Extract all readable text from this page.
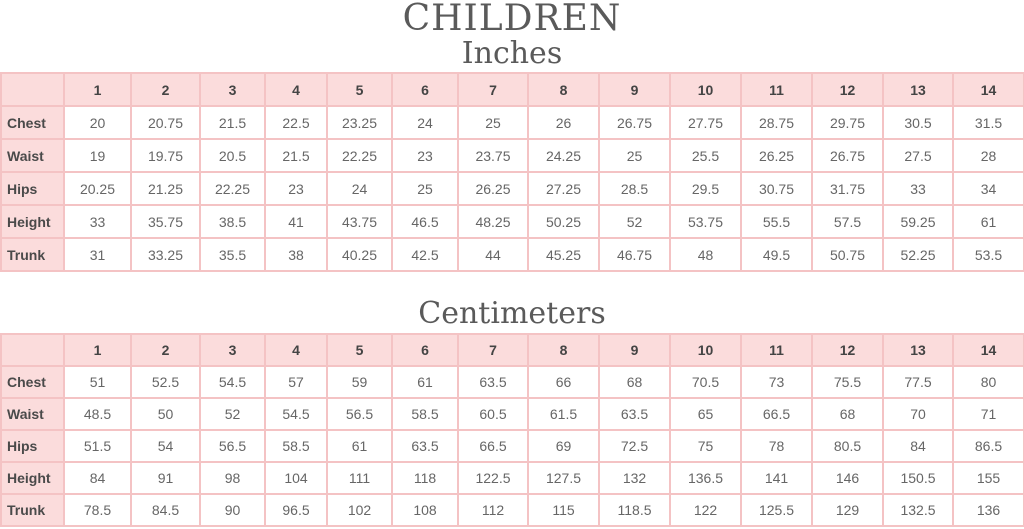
CHILDREN
Inches
	1	2	3	4	5	6	7	8	9	10	11	12	13	14
Chest	20	20.75	21.5	22.5	23.25	24	25	26	26.75	27.75	28.75	29.75	30.5	31.5
Waist	19	19.75	20.5	21.5	22.25	23	23.75	24.25	25	25.5	26.25	26.75	27.5	28
Hips	20.25	21.25	22.25	23	24	25	26.25	27.25	28.5	29.5	30.75	31.75	33	34
Height	33	35.75	38.5	41	43.75	46.5	48.25	50.25	52	53.75	55.5	57.5	59.25	61
Trunk	31	33.25	35.5	38	40.25	42.5	44	45.25	46.75	48	49.5	50.75	52.25	53.5
Centimeters
	1	2	3	4	5	6	7	8	9	10	11	12	13	14
Chest	51	52.5	54.5	57	59	61	63.5	66	68	70.5	73	75.5	77.5	80
Waist	48.5	50	52	54.5	56.5	58.5	60.5	61.5	63.5	65	66.5	68	70	71
Hips	51.5	54	56.5	58.5	61	63.5	66.5	69	72.5	75	78	80.5	84	86.5
Height	84	91	98	104	111	118	122.5	127.5	132	136.5	141	146	150.5	155
Trunk	78.5	84.5	90	96.5	102	108	112	115	118.5	122	125.5	129	132.5	136
